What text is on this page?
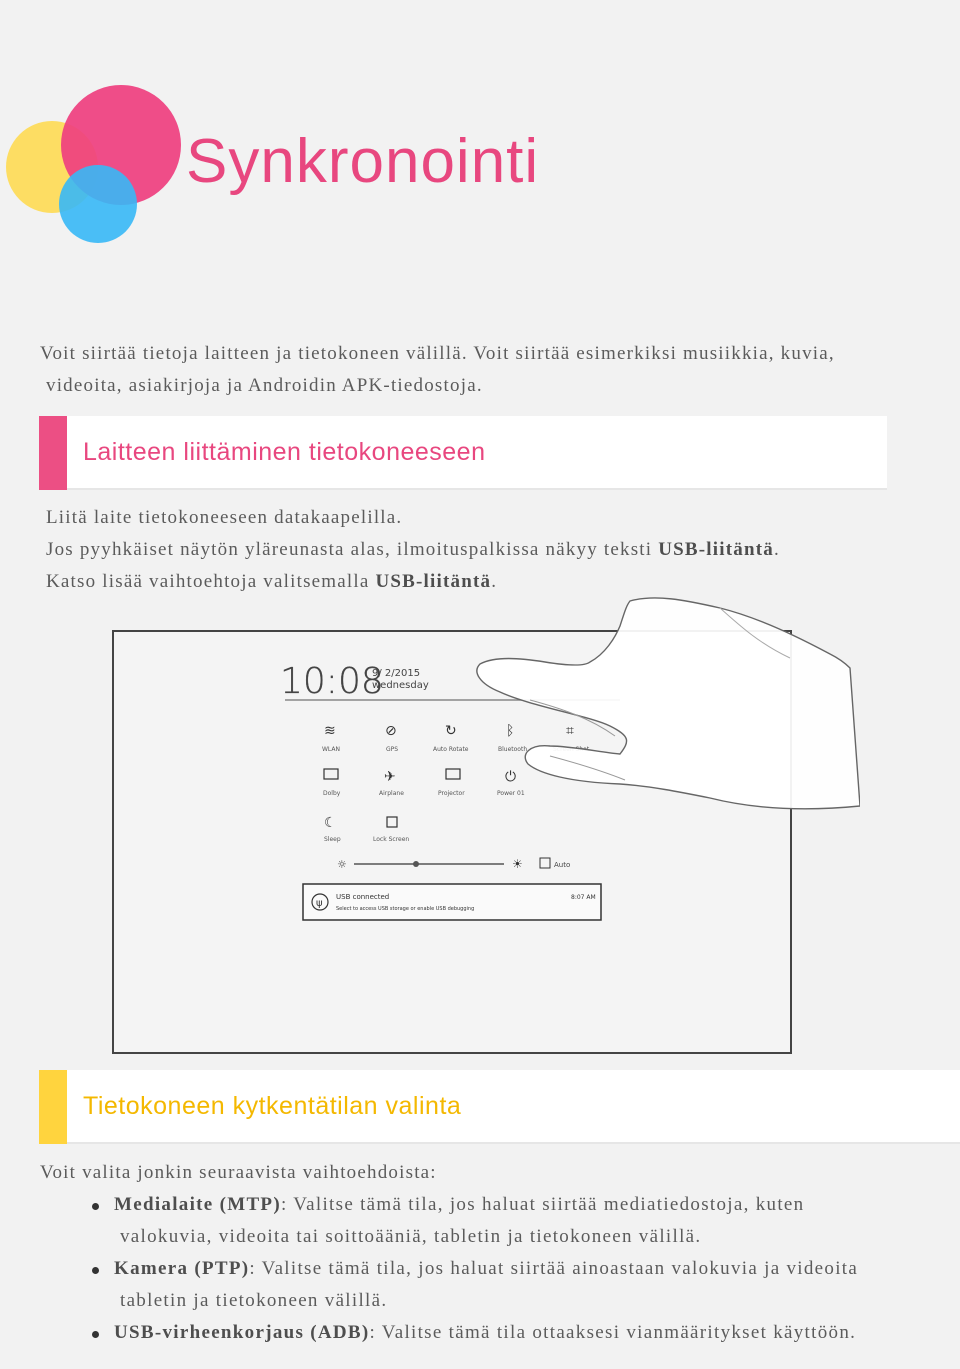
Synkronointi
Voit siirtää tietoja laitteen ja tietokoneen välillä. Voit siirtää esimerkiksi musiikkia, kuvia,
videoita, asiakirjoja ja Androidin APK-tiedostoja.
Laitteen liittäminen tietokoneeseen
Liitä laite tietokoneeseen datakaapelilla.
Jos pyyhkäiset näytön yläreunasta alas, ilmoituspalkissa näkyy teksti USB-liitäntä.
Katso lisää vaihtoehtoja valitsemalla USB-liitäntä.
10:08
9/ 2/2015
wednesday
≋
WLAN
⊘
GPS
↻
Auto Rotate
ᛒ
Bluetooth
⌗
Dolby
✈
Airplane	Projector
⏻
Power 01
☾
Sleep	Lock Screen
☼	☀	Auto
ψ
USB connected
Select to access USB storage or enable USB debugging
8:07 AM
Tietokoneen kytkentätilan valinta
Voit valita jonkin seuraavista vaihtoehdoista:
Medialaite (MTP): Valitse tämä tila, jos haluat siirtää mediatiedostoja, kuten
valokuvia, videoita tai soittoääniä, tabletin ja tietokoneen välillä.
Kamera (PTP): Valitse tämä tila, jos haluat siirtää ainoastaan valokuvia ja videoita
tabletin ja tietokoneen välillä.
USB-virheenkorjaus (ADB): Valitse tämä tila ottaaksesi vianmääritykset käyttöön.
